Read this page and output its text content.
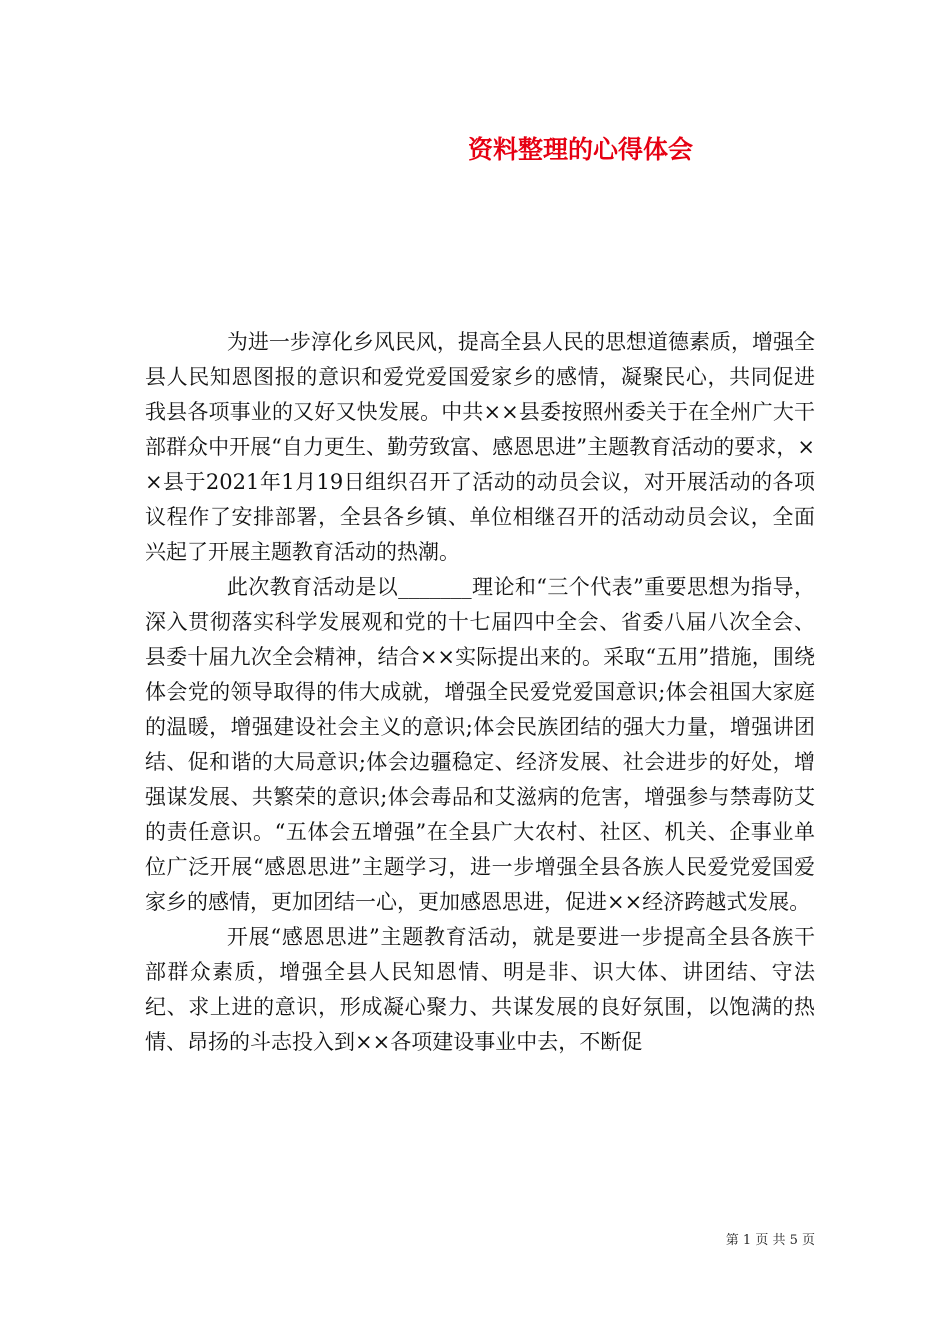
资料整理的心得体会

为进一步淳化乡风民风，提高全县人民的思想道德素质，增强全县人民知恩图报的意识和爱党爱国爱家乡的感情，凝聚民心，共同促进我县各项事业的又好又快发展。中共××县委按照州委关于在全州广大干部群众中开展“自力更生、勤劳致富、感恩思进”主题教育活动的要求，××县于2021年1月19日组织召开了活动的动员会议，对开展活动的各项议程作了安排部署，全县各乡镇、单位相继召开的活动动员会议，全面兴起了开展主题教育活动的热潮。

此次教育活动是以_______理论和“三个代表”重要思想为指导，深入贯彻落实科学发展观和党的十七届四中全会、省委八届八次全会、县委十届九次全会精神，结合××实际提出来的。采取“五用”措施，围绕体会党的领导取得的伟大成就，增强全民爱党爱国意识;体会祖国大家庭的温暖，增强建设社会主义的意识;体会民族团结的强大力量，增强讲团结、促和谐的大局意识;体会边疆稳定、经济发展、社会进步的好处，增强谋发展、共繁荣的意识;体会毒品和艾滋病的危害，增强参与禁毒防艾的责任意识。“五体会五增强”在全县广大农村、社区、机关、企事业单位广泛开展“感恩思进”主题学习，进一步增强全县各族人民爱党爱国爱家乡的感情，更加团结一心，更加感恩思进，促进××经济跨越式发展。

开展“感恩思进”主题教育活动，就是要进一步提高全县各族干部群众素质，增强全县人民知恩情、明是非、识大体、讲团结、守法纪、求上进的意识，形成凝心聚力、共谋发展的良好氛围，以饱满的热情、昂扬的斗志投入到××各项建设事业中去，不断促

第 1 页 共 5 页
